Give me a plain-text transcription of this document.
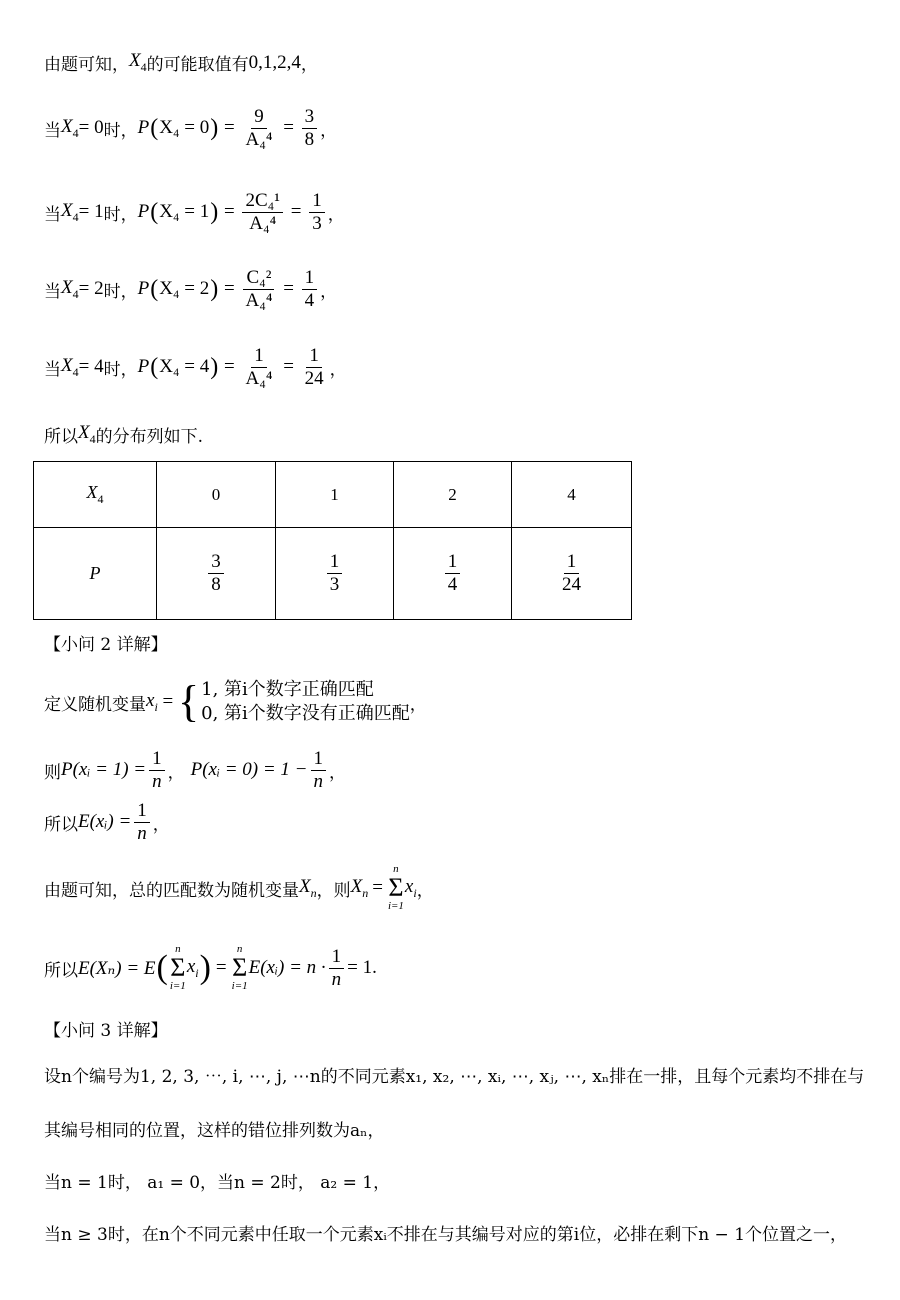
由题可知， $X_4$ 的可能取值有 0,1,2,4 ，
当 $X_4 = 0$ 时， P ( X₄ = 0 ) = $\frac{9}{\text{A₄⁴}} = \frac{3}{8}$ ，
当 $X_4 = 1$ 时， P ( X₄ = 1 ) = $\frac{\text{2C₄¹}}{\text{A₄⁴}} = \frac{1}{3}$ ，
当 $X_4 = 2$ 时， P ( X₄ = 2 ) = $\frac{\text{C₄²}}{\text{A₄⁴}} = \frac{1}{4}$ ，
当 $X_4 = 4$ 时， P ( X₄ = 4 ) = $\frac{1}{\text{A₄⁴}} = \frac{1}{24}$ ，
所以 $X_4$ 的分布列如下.
$X_4$	0	1	2	4
P	$\frac{3}{8}$	$\frac{1}{3}$	$\frac{1}{4}$	$\frac{1}{24}$
【小问 2 详解】
定义随机变量 $x_i$ = { 1, 第i个数字正确匹配
0, 第i个数字没有正确匹配 ，
则 P(xᵢ = $1) = \frac{1}{n}$ ， P(xᵢ = $0) = 1 - \frac{1}{n}$ ，
所以 E(xᵢ) = $\frac{1}{n}$ ，
由题可知，总的匹配数为随机变量 $X_n$ ，则 $X_n$ =
n
Σ
i=1
$x_i$ ，
所以 E(Xₙ) = E ( n
Σ
i=1
$x_i$ ) =
n
Σ
i=1
E(xᵢ) = $n \cdot \frac{1}{n} = 1$.
【小问 3 详解】
设n个编号为1, 2, 3, ⋯, i, ⋯, j, ⋯n的不同元素x₁, x₂, ⋯, xᵢ, ⋯, xⱼ, ⋯, xₙ排在一排，且每个元素均不排在与
其编号相同的位置，这样的错位排列数为aₙ，
当n = 1时， a₁ = 0，当n = 2时， a₂ = 1，
当n ≥ 3时，在n个不同元素中任取一个元素xᵢ不排在与其编号对应的第i位，必排在剩下n − 1个位置之一，
